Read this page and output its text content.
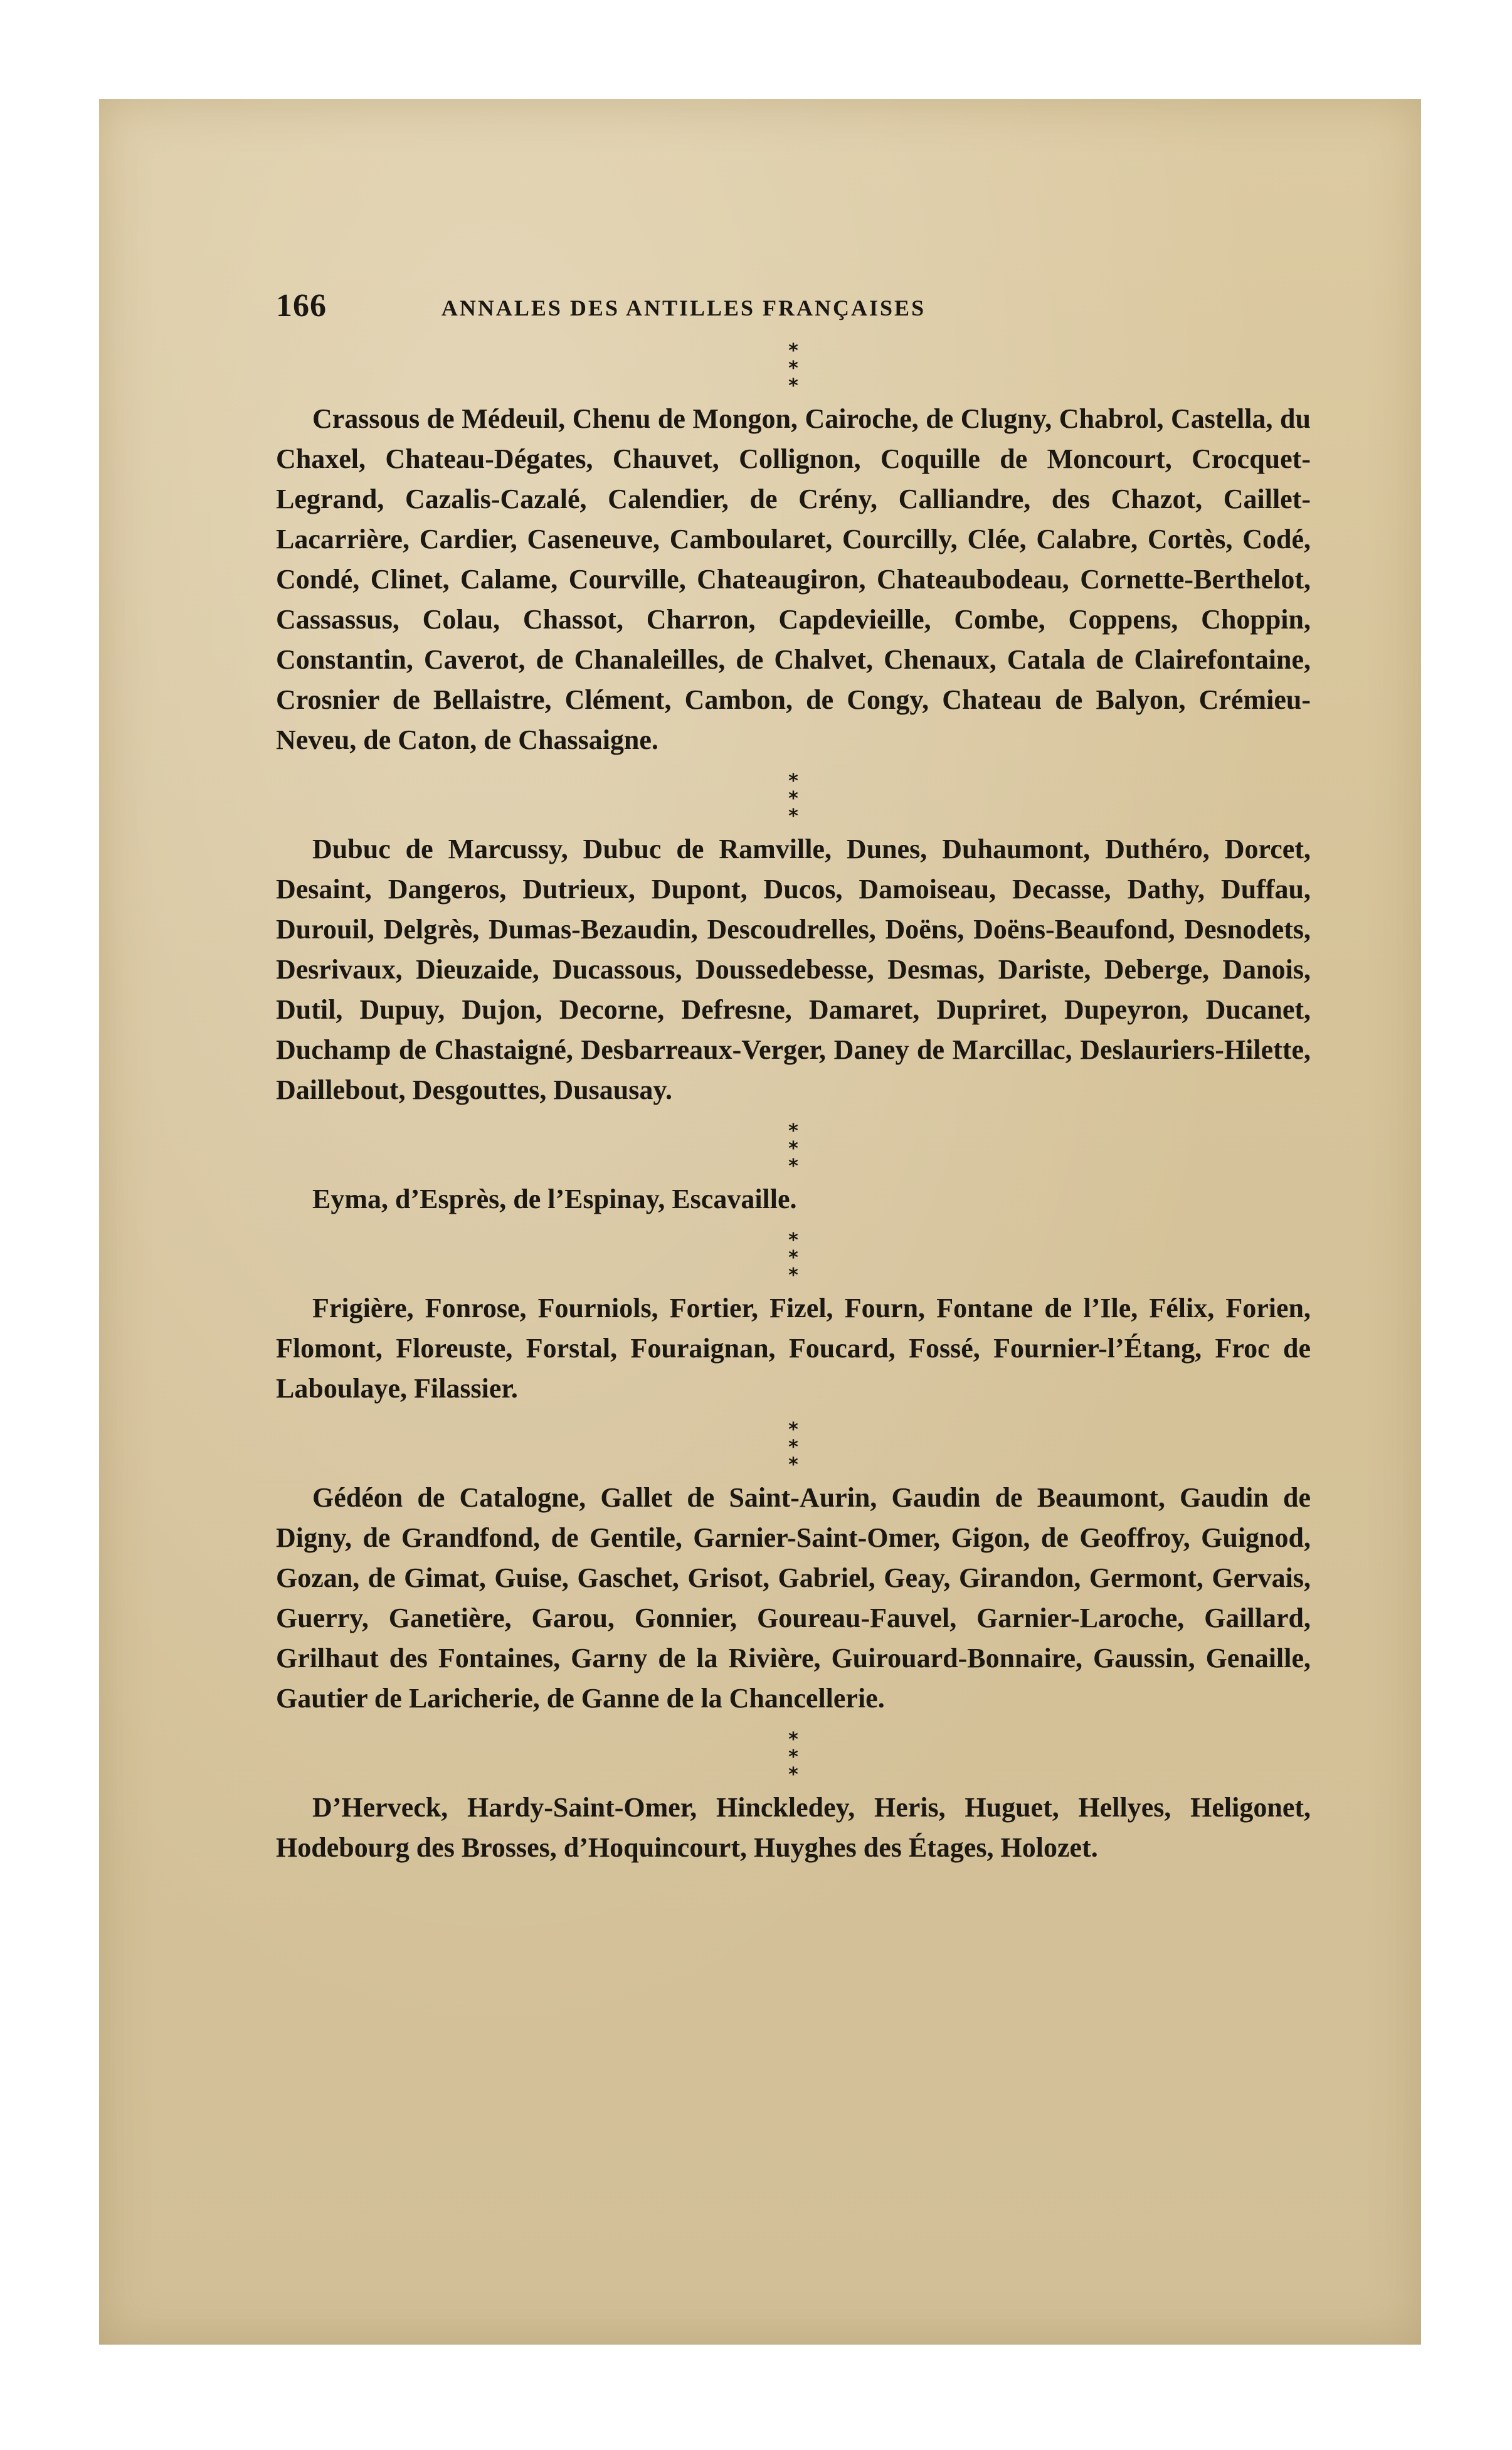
166	ANNALES DES ANTILLES FRANÇAISES
*
* *

Crassous de Médeuil, Chenu de Mongon, Cairoche, de Clugny, Chabrol, Castella, du Chaxel, Chateau-Dégates, Chauvet, Collignon, Coquille de Moncourt, Crocquet-Legrand, Cazalis-Cazalé, Calendier, de Crény, Calliandre, des Chazot, Caillet-Lacarrière, Cardier, Caseneuve, Camboularet, Courcilly, Clée, Calabre, Cortès, Codé, Condé, Clinet, Calame, Courville, Chateaugiron, Chateaubodeau, Cornette-Berthelot, Cassassus, Colau, Chassot, Charron, Capdevieille, Combe, Coppens, Choppin, Constantin, Caverot, de Chanaleilles, de Chalvet, Chenaux, Catala de Clairefontaine, Crosnier de Bellaistre, Clément, Cambon, de Congy, Chateau de Balyon, Crémieu-Neveu, de Caton, de Chassaigne.

*
* *

Dubuc de Marcussy, Dubuc de Ramville, Dunes, Duhaumont, Duthéro, Dorcet, Desaint, Dangeros, Dutrieux, Dupont, Ducos, Damoiseau, Decasse, Dathy, Duffau, Durouil, Delgrès, Dumas-Bezaudin, Descoudrelles, Doëns, Doëns-Beaufond, Desnodets, Desrivaux, Dieuzaide, Ducassous, Doussedebesse, Desmas, Dariste, Deberge, Danois, Dutil, Dupuy, Dujon, Decorne, Defresne, Damaret, Dupriret, Dupeyron, Ducanet, Duchamp de Chastaigné, Desbarreaux-Verger, Daney de Marcillac, Deslauriers-Hilette, Daillebout, Desgouttes, Dusausay.

*
* *

Eyma, d’Esprès, de l’Espinay, Escavaille.

*
* *

Frigière, Fonrose, Fourniols, Fortier, Fizel, Fourn, Fontane de l’Ile, Félix, Forien, Flomont, Floreuste, Forstal, Fouraignan, Foucard, Fossé, Fournier-l’Étang, Froc de Laboulaye, Filassier.

*
* *

Gédéon de Catalogne, Gallet de Saint-Aurin, Gaudin de Beaumont, Gaudin de Digny, de Grandfond, de Gentile, Garnier-Saint-Omer, Gigon, de Geoffroy, Guignod, Gozan, de Gimat, Guise, Gaschet, Grisot, Gabriel, Geay, Girandon, Germont, Gervais, Guerry, Ganetière, Garou, Gonnier, Goureau-Fauvel, Garnier-Laroche, Gaillard, Grilhaut des Fontaines, Garny de la Rivière, Guirouard-Bonnaire, Gaussin, Genaille, Gautier de Laricherie, de Ganne de la Chancellerie.

*
* *

D’Herveck, Hardy-Saint-Omer, Hinckledey, Heris, Huguet, Hellyes, Heligonet, Hodebourg des Brosses, d’Hoquincourt, Huyghes des Étages, Holozet.
